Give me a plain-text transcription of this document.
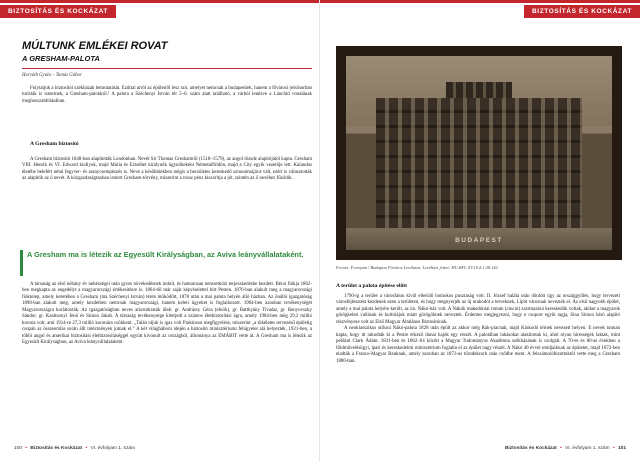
BIZTOSÍTÁS ÉS KOCKÁZAT
MÚLTUNK EMLÉKEI ROVAT
A GRESHAM-PALOTA
Horváth Gyula – Tamás Gábor

Folytatjuk a biztosítói székházak bemutatását. Ezúttal arról az épületről lesz szó, amelyet nemcsak a budapestiek, hanem a fővárosi (elsősorban turisták is ismernek, a Gresham-palotáról.¹ A palota a Széchenyi István tér 5–6. szám alatt található, a várból lenézve a Lánchíd vonalának meghosszabbításában.

A Gresham biztosító

A Gresham biztosító 1848-ban alapították Londonban. Nevét Sir Thomas Greshamről (1518–1579), az angol tőzsde alapítójától kapta. Gresham VIII. Henrik és VI. Edward királyok, majd Mária és Erzsébet királynők ügynökeként Németalföldön, majd a City egyik vezetője lett. Kalandos életébe belefért némi fegyver- és aranycsempészés is. Neve a későbbiekben mégis a becsületes kereskedő szinonimájává vált, ezért is választották az alapítók az ő nevét. A közgazdaságtanban ismert Gresham-törvény, miszerint a rossz pénz kiszorítja a jót, szintén az ő nevéhez fűződik.

A Gresham ma is létezik az Egyesült Királyságban, az Aviva leányvállalataként.

A társaság az első néhány év nehézségei után gyors növekedésnek indult, és hamarosan nemzetközi terjeszkedésbe kezdett. Bécsi fiókja 1862-ben megkapta az engedélyt a magyarországi értékesítésre is. 1864-től már saját képviselettel bírt Pesten. 1876-ban alakult meg a magyarországi fióktelep, amely keretében a Gresham (ma Széchenyi István) téren működött, 1878 után a mai palota helyén álló házban. Az önálló igazgatóság 1898-ban alakult meg, amely kezdetben nemcsak magyarországi, hanem keleti ügyeket is foglalkozott. 1904-ben azonban tevékenységét Magyarországra korlátozták. Az igazgatóságban neves arisztokraták ülek: gr. Andrássy Géza (elnök), gr. Batthyány Tivadar, gr. Benyovszky Sándor, gr. Karátsonyi Jenő és Simon Jakab. A társaság tevékenysége kiterjedt a számos életbiztosítási ágra, amely 1904-ben még 29,2 millió korona volt, ami 1914-re 27,3 millió koronára csökkent. „Talán rájuk is igaz volt Parkinson megfigyelése, miszerint „a tökéletes tervezésű épületig csupán az összeomlás során állt intézmények jutnak el.” A két világháború idején a biztosító minisztériumi felügyelet alá helyezték, 1921-ben, a többi angol és amerikai biztosítási életbiztosításéggel együtt kivonult az országból, állománya az EMÁBIT vette át. A Gresham ma is létezik az Egyesült Királyságban, az Aviva leányvállalataként.

100 • Biztosítás és Kockázat • VI. évfolyam 1. szám
BIZTOSÍTÁS ÉS KOCKÁZAT
Biztosítás és Kockázat • VI. évfolyam 1. szám • 101
BUDAPEST
Forrás: Fortepan / Budapest Főváros Levéltára. Levéltári jelzet: HU.BFL.XV.19.d.1.08.142
A terület a palota építése előtt

1790-ig a terület a városfalon kívül elterülő homokos pusztaság volt. II. József halála után döntött úgy az országgyűlés, hogy tervezett városfejlesztést kezdenek ezen a területen, és hogy megnyerjék az új urakodót a terveknek, Lipót városnak nevezték el. Az első nagyobb épület, amely a mai palota helyére került, az ún. Nákó-ház volt. A Nákók makedóniai román (cincár) származású kereskedők voltak, akiket a magyarok görögkeleti vallásuk és kultúrájuk miatt görögöknek neveztek. Érdemes megjegyezni, hogy e csoport egyik tagja, Sina Simon báró alapító részvényese volt az Első Magyar Általános Biztosítónak.

A neoklasszikus stílusú Nákó-palota 1828 után épült az akkor még Rak-piacnak, majd Kinkodó térnek nevezett helyen. E nevek tonnan kapta, hogy itt rakodták ki a Pestre érkező dunai hajók egy részét. A palotában lakásokat alakítottak ki, ahol olyan hírességek laktak, mint például Clark Ádám. 1831-ben és 1862–64 között a Magyar Tudományos Akadémia székházának is szolgált. A 70-es és 80-as években a földművelésügyi, ipari és kereskedelmi minisztérium foglalta el az épület nagy részét. A Nákó 40 évvel utódjaiknak az épületet, majd 1872-ben eladták a Franco-Magyar Banknak, amely azonban az 1873-as tőzsdekrach után csődbe ment. A felszámolóbizottoktól vette meg a Gresham 1880-ban.
